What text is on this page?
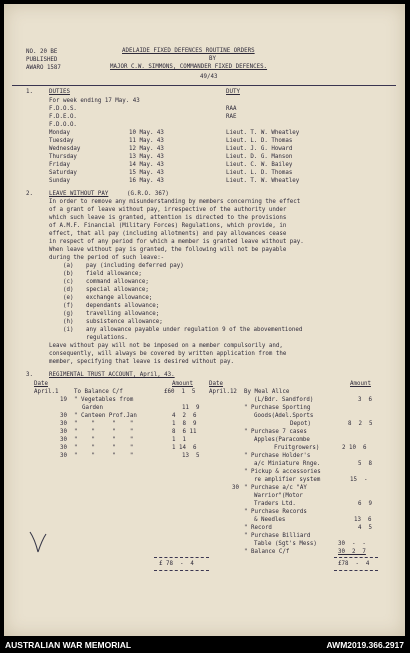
NO. 20 BE
PUBLISHED
AWARO 1587
ADELAIDE FIXED DEFENCES ROUTINE ORDERS
BY
MAJOR C.W. SIMMONS, COMMANDER FIXED DEFENCES.
49/43
1.	DUTIES	DUTY
For week ending 17 May. 43
F.D.O.S.	RAA
F.D.E.O.	RAE
F.D.O.O.
Monday	10 May. 43	Lieut. T. W. Wheatley
Tuesday	11 May. 43	Lieut. L. D. Thomas
Wednesday	12 May. 43	Lieut. J. G. Howard
Thursday	13 May. 43	Lieut. D. G. Manson
Friday	14 May. 43	Lieut. C. W. Bailey
Saturday	15 May. 43	Lieut. L. D. Thomas
Sunday	16 May. 43	Lieut. T. W. Wheatley
2.	LEAVE WITHOUT PAY	(G.R.O. 367)
In order to remove any misunderstanding by members concerning the effect
of a grant of leave without pay, irrespective of the authority under
which such leave is granted, attention is directed to the provisions
of A.M.F. Financial (Military Forces) Regulations, which provide, in
effect, that all pay (including allotments) and pay allowances cease
in respect of any period for which a member is granted leave without pay.
When leave without pay is granted, the following will not be payable
during the period of such leave:-
(a) pay (including deferred pay)
(b) field allowance;
(c) command allowance;
(d) special allowance;
(e) exchange allowance;
(f) dependants allowance;
(g) travelling allowance;
(h) subsistence allowance;
(i) any allowance payable under regulation 9 of the abovementioned
regulations.
Leave without pay will not be imposed on a member compulsorily and,
consequently, will always be covered by written application from the
member, specifying that leave is desired without pay.
3.	REGIMENTAL TRUST ACCOUNT, April, 43.
Date	Amount	Date	Amount
April.1	To Balance C/f	£60  1  5
19 " Vegetables from
Garden	11  9
30 " Canteen Prof.Jan	4  2  6
30 "    "     "    "	1  8  9
30 "    "     "    "	8  6 11
30 "    "     "    "	1  1
30 "    "     "    "	1 14  6
30 "    "     "    "	13  5
April.12 By Meal Allce
(L/Bdr. Sandford)	3  6
" Purchase Sporting
Goods(Adel.Sports
Depot)	8  2  5
" Purchase 7 cases
Apples(Paracombe
Fruitgrowers)	2 10  6
" Purchase Holder's
a/c Miniature Rnge.	5  8
" Pickup & accessories
re amplifier system	15  -
30 " Purchase a/c "AY
Warrior"(Motor
Traders Ltd.	6  9
" Purchase Records
& Needles	13  6
" Record	4  5
" Purchase Billiard
Table (Sgt's Mess)	30  -  -
" Balance C/f	30  2  7
£ 78  -  4	£78  -  4
AUSTRALIAN WAR MEMORIAL	AWM2019.366.2917
